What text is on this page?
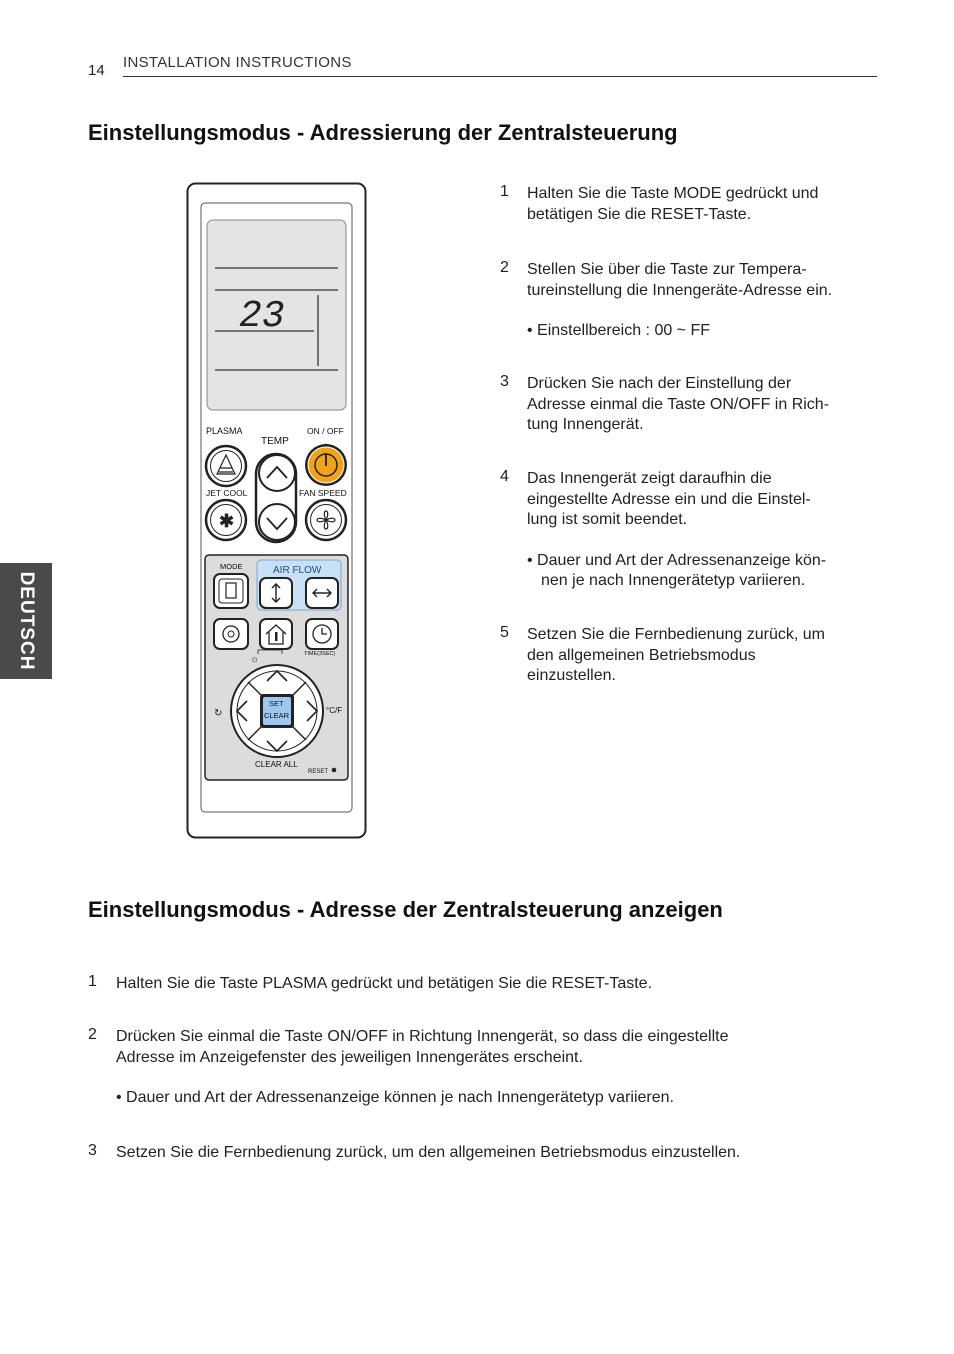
14 INSTALLATION INSTRUCTIONS
DEUTSCH
Einstellungsmodus - Adressierung der Zentralsteuerung
23
PLASMA
TEMP
ON / OFF
JET COOL	FAN SPEED
✱
AIR FLOW
MODE
TIME(3SEC)
☼
SET
CLEAR
°C/F
↻
CLEAR ALL
RESET
1 Halten Sie die Taste MODE gedrückt und
betätigen Sie die RESET-Taste.
2 Stellen Sie über die Taste zur Tempera-
tureinstellung die Innengeräte-Adresse ein.
• Einstellbereich : 00 ~ FF
3 Drücken Sie nach der Einstellung der
Adresse einmal die Taste ON/OFF in Rich-
tung Innengerät.
4 Das Innengerät zeigt daraufhin die
eingestellte Adresse ein und die Einstel-
lung ist somit beendet.
• Dauer und Art der Adressenanzeige kön-
nen je nach Innengerätetyp variieren.
5 Setzen Sie die Fernbedienung zurück, um
den allgemeinen Betriebsmodus
einzustellen.
Einstellungsmodus - Adresse der Zentralsteuerung anzeigen
1 Halten Sie die Taste PLASMA gedrückt und betätigen Sie die RESET-Taste.
2 Drücken Sie einmal die Taste ON/OFF in Richtung Innengerät, so dass die eingestellte
Adresse im Anzeigefenster des jeweiligen Innengerätes erscheint.
• Dauer und Art der Adressenanzeige können je nach Innengerätetyp variieren.
3 Setzen Sie die Fernbedienung zurück, um den allgemeinen Betriebsmodus einzustellen.
